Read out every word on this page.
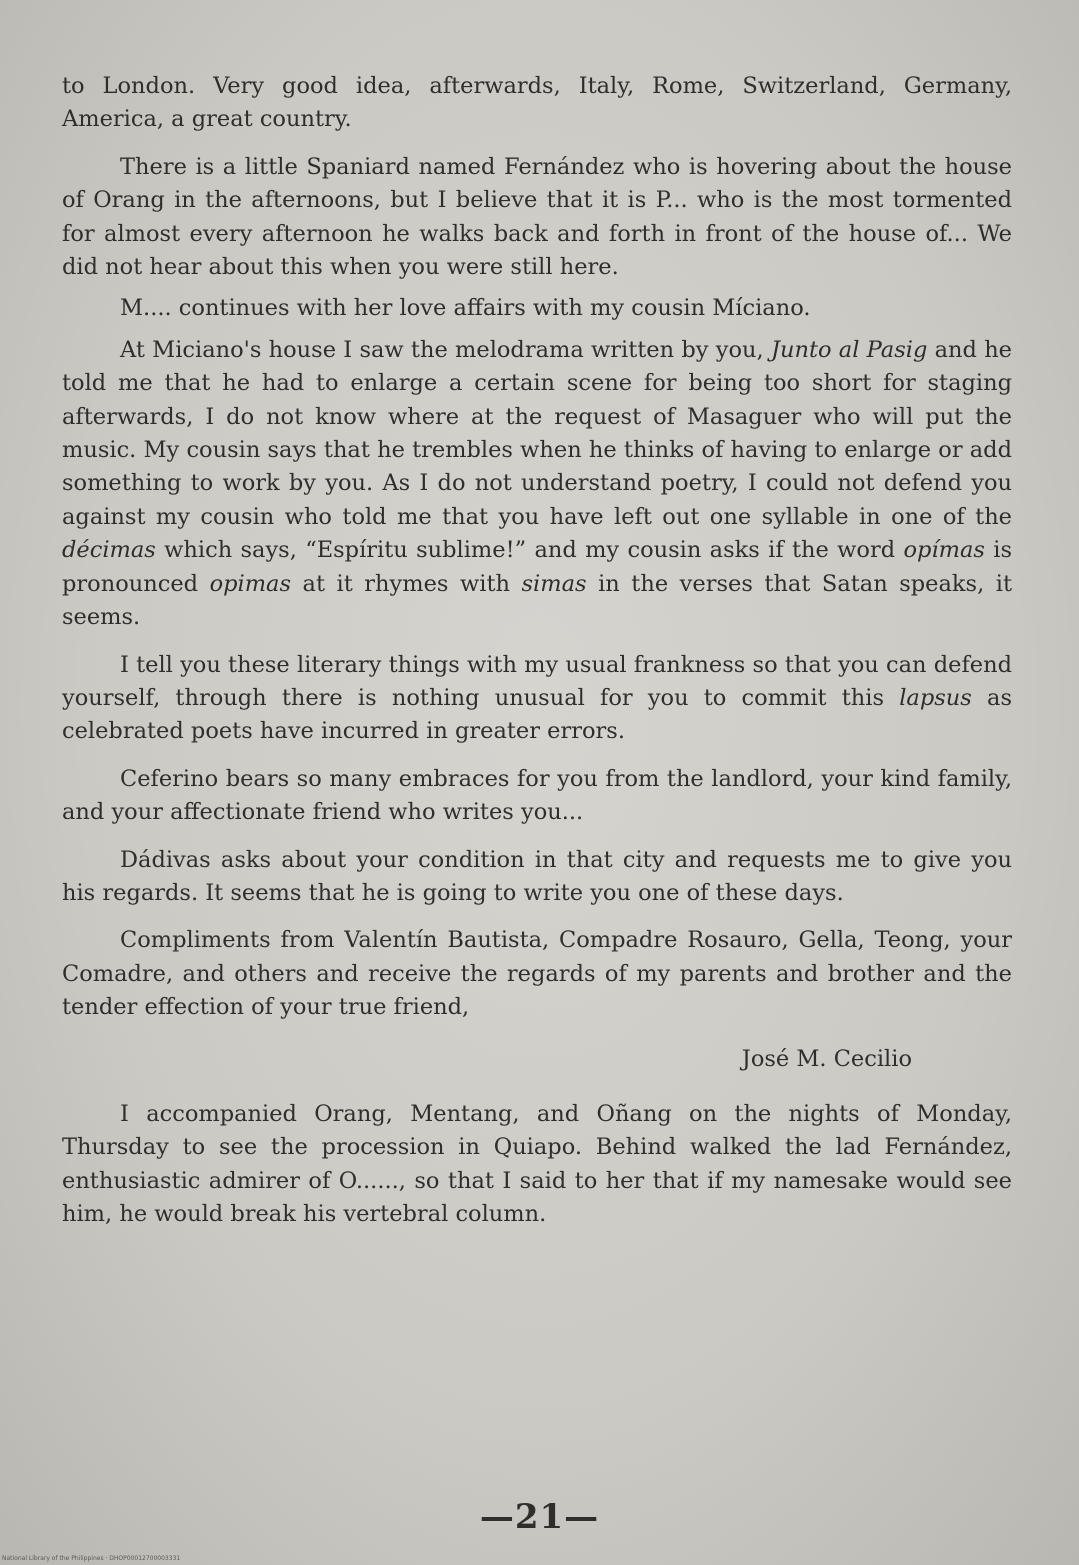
to London. Very good idea, afterwards, Italy, Rome, Switzerland, Germany, America, a great country.

There is a little Spaniard named Fernández who is hovering about the house of Orang in the afternoons, but I believe that it is P... who is the most tormented for almost every afternoon he walks back and forth in front of the house of... We did not hear about this when you were still here.

M.... continues with her love affairs with my cousin Míciano.

At Miciano's house I saw the melodrama written by you, Junto al Pasig and he told me that he had to enlarge a certain scene for being too short for staging afterwards, I do not know where at the request of Masaguer who will put the music. My cousin says that he trembles when he thinks of having to enlarge or add something to work by you. As I do not understand poetry, I could not defend you against my cousin who told me that you have left out one syllable in one of the décimas which says, “Espíritu sublime!” and my cousin asks if the word opímas is pronounced opimas at it rhymes with simas in the verses that Satan speaks, it seems.

I tell you these literary things with my usual frankness so that you can defend yourself, through there is nothing unusual for you to commit this lapsus as celebrated poets have incurred in greater errors.

Ceferino bears so many embraces for you from the landlord, your kind family, and your affectionate friend who writes you...

Dádivas asks about your condition in that city and requests me to give you his regards. It seems that he is going to write you one of these days.

Compliments from Valentín Bautista, Compadre Rosauro, Gella, Teong, your Comadre, and others and receive the regards of my parents and brother and the tender effection of your true friend,

José M. Cecilio

I accompanied Orang, Mentang, and Oñang on the nights of Monday, Thursday to see the procession in Quiapo. Behind walked the lad Fernández, enthusiastic admirer of O......, so that I said to her that if my namesake would see him, he would break his vertebral column.

—21—
National Library of the Philippines · DHOP00012700003331
